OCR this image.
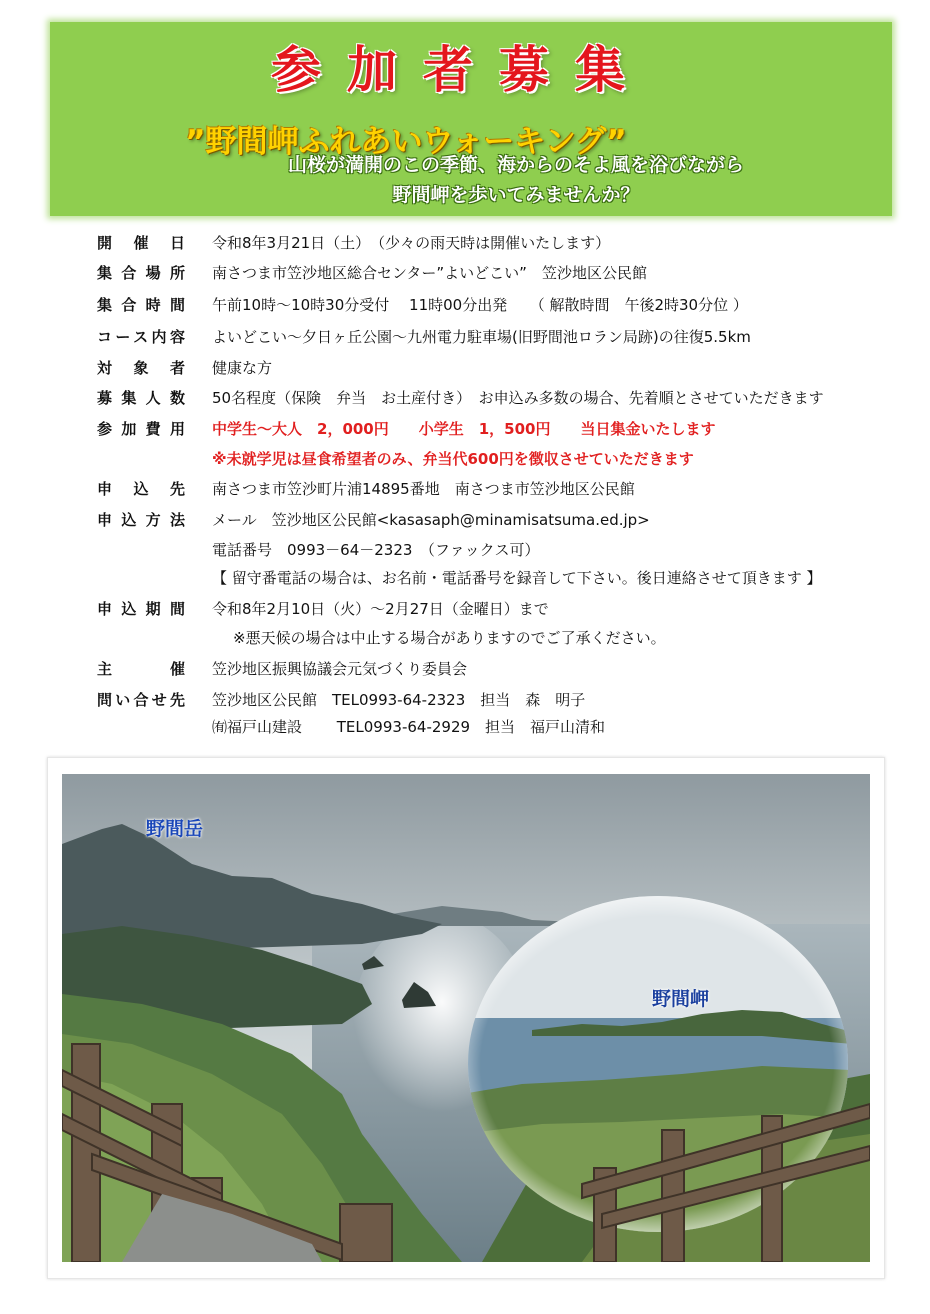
参加者募集
”野間岬ふれあいウォーキング”
山桜が満開のこの季節、海からのそよ風を浴びながら
野間岬を歩いてみませんか？
開催日 令和8年3月21日（土）　（少々の雨天時は開催いたします）
集合場所 南さつま市笠沙地区総合センター”よいどこい”　笠沙地区公民館
集合時間 午前10時～10時30分受付　 11時00分出発　　（ 解散時間　午後2時30分位 ）
コース内容 よいどこい～夕日ヶ丘公園～九州電力駐車場(旧野間池ロラン局跡)の往復5.5km
対象者 健康な方
募集人数 50名程度（保険　弁当　お土産付き）　お申込み多数の場合、先着順とさせていただきます
参加費用 中学生～大人　2，000円　　小学生　1，500円　　当日集金いたします
※未就学児は昼食希望者のみ、弁当代600円を徴収させていただきます
申込先 南さつま市笠沙町片浦14895番地　南さつま市笠沙地区公民館
申込方法 メール　笠沙地区公民館<kasasaph@minamisatsuma.ed.jp>
電話番号　0993－64－2323　（ファックス可）
【 留守番電話の場合は、お名前・電話番号を録音して下さい。後日連絡させて頂きます 】
申込期間 令和8年2月10日（火）～2月27日（金曜日）まで
※悪天候の場合は中止する場合がありますのでご了承ください。
主催 笠沙地区振興協議会元気づくり委員会
問い合せ先 笠沙地区公民館　TEL0993-64-2323　担当　森　明子
㈲福戸山建設　　 TEL0993-64-2929　担当　福戸山清和
野間岳
野間岬
